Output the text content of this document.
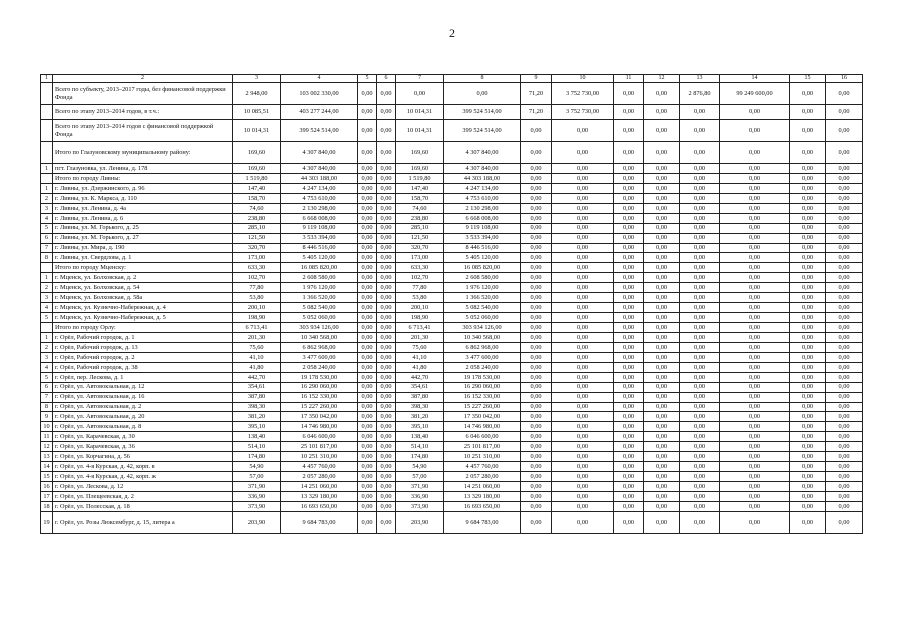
2
1	2	3	4	5	6	7	8	9	10	11	12	13	14	15	16
	Всего по субъекту, 2013–2017 годы, без финансовой поддержки Фонда	2 948,00	103 002 330,00	0,00	0,00	0,00	0,00	71,20	3 752 730,00	0,00	0,00	2 876,80	99 249 600,00	0,00	0,00
	Всего по этапу 2013–2014 годов, в т.ч.:	10 085,51	403 277 244,00	0,00	0,00	10 014,31	399 524 514,00	71,20	3 752 730,00	0,00	0,00	0,00	0,00	0,00	0,00
	Всего по этапу 2013–2014 годов с финансовой поддержкой Фонда	10 014,31	399 524 514,00	0,00	0,00	10 014,31	399 524 514,00	0,00	0,00	0,00	0,00	0,00	0,00	0,00	0,00
	Итого по Глазуновскому муниципальному району:	169,60	4 307 840,00	0,00	0,00	169,60	4 307 840,00	0,00	0,00	0,00	0,00	0,00	0,00	0,00	0,00
1	пгт. Глазуновка, ул. Ленина, д. 178	169,60	4 307 840,00	0,00	0,00	169,60	4 307 840,00	0,00	0,00	0,00	0,00	0,00	0,00	0,00	0,00
	Итого по городу Ливны:	1 519,80	44 303 188,00	0,00	0,00	1 519,80	44 303 188,00	0,00	0,00	0,00	0,00	0,00	0,00	0,00	0,00
1	г. Ливны, ул. Дзержинского, д. 96	147,40	4 247 134,00	0,00	0,00	147,40	4 247 134,00	0,00	0,00	0,00	0,00	0,00	0,00	0,00	0,00
2	г. Ливны, ул. К. Маркса, д. 110	158,70	4 753 610,00	0,00	0,00	158,70	4 753 610,00	0,00	0,00	0,00	0,00	0,00	0,00	0,00	0,00
3	г. Ливны, ул. Ленина, д. 4а	74,60	2 130 298,00	0,00	0,00	74,60	2 130 298,00	0,00	0,00	0,00	0,00	0,00	0,00	0,00	0,00
4	г. Ливны, ул. Ленина, д. 6	238,80	6 668 008,00	0,00	0,00	238,80	6 668 008,00	0,00	0,00	0,00	0,00	0,00	0,00	0,00	0,00
5	г. Ливны, ул. М. Горького, д. 25	285,10	9 119 108,00	0,00	0,00	285,10	9 119 108,00	0,00	0,00	0,00	0,00	0,00	0,00	0,00	0,00
6	г. Ливны, ул. М. Горького, д. 27	121,50	3 533 394,00	0,00	0,00	121,50	3 533 394,00	0,00	0,00	0,00	0,00	0,00	0,00	0,00	0,00
7	г. Ливны, ул. Мира, д. 190	320,70	8 446 516,00	0,00	0,00	320,70	8 446 516,00	0,00	0,00	0,00	0,00	0,00	0,00	0,00	0,00
8	г. Ливны, ул. Свердлова, д. 1	173,00	5 405 120,00	0,00	0,00	173,00	5 405 120,00	0,00	0,00	0,00	0,00	0,00	0,00	0,00	0,00
	Итого по городу Мценску:	633,30	16 085 820,00	0,00	0,00	633,30	16 085 820,00	0,00	0,00	0,00	0,00	0,00	0,00	0,00	0,00
1	г. Мценск, ул. Болховская, д. 2	102,70	2 608 580,00	0,00	0,00	102,70	2 608 580,00	0,00	0,00	0,00	0,00	0,00	0,00	0,00	0,00
2	г. Мценск, ул. Болховская, д. 54	77,80	1 976 120,00	0,00	0,00	77,80	1 976 120,00	0,00	0,00	0,00	0,00	0,00	0,00	0,00	0,00
3	г. Мценск, ул. Болховская, д. 58а	53,80	1 366 520,00	0,00	0,00	53,80	1 366 520,00	0,00	0,00	0,00	0,00	0,00	0,00	0,00	0,00
4	г. Мценск, ул. Кузнечно-Набережная, д. 4	200,10	5 082 540,00	0,00	0,00	200,10	5 082 540,00	0,00	0,00	0,00	0,00	0,00	0,00	0,00	0,00
5	г. Мценск, ул. Кузнечно-Набережная, д. 5	198,90	5 052 060,00	0,00	0,00	198,90	5 052 060,00	0,00	0,00	0,00	0,00	0,00	0,00	0,00	0,00
	Итого по городу Орлу:	6 713,41	303 934 126,00	0,00	0,00	6 713,41	303 934 126,00	0,00	0,00	0,00	0,00	0,00	0,00	0,00	0,00
1	г. Орёл, Рабочий городок, д. 1	201,30	10 340 568,00	0,00	0,00	201,30	10 340 568,00	0,00	0,00	0,00	0,00	0,00	0,00	0,00	0,00
2	г. Орёл, Рабочий городок, д. 13	75,60	6 862 968,00	0,00	0,00	75,60	6 862 968,00	0,00	0,00	0,00	0,00	0,00	0,00	0,00	0,00
3	г. Орёл, Рабочий городок, д. 2	41,10	3 477 600,00	0,00	0,00	41,10	3 477 600,00	0,00	0,00	0,00	0,00	0,00	0,00	0,00	0,00
4	г. Орёл, Рабочий городок, д. 38	41,80	2 058 240,00	0,00	0,00	41,80	2 058 240,00	0,00	0,00	0,00	0,00	0,00	0,00	0,00	0,00
5	г. Орёл, пер. Лескова, д. 1	442,70	19 178 530,00	0,00	0,00	442,70	19 178 530,00	0,00	0,00	0,00	0,00	0,00	0,00	0,00	0,00
6	г. Орёл, ул. Автовокзальная, д. 12	354,61	16 290 060,00	0,00	0,00	354,61	16 290 060,00	0,00	0,00	0,00	0,00	0,00	0,00	0,00	0,00
7	г. Орёл, ул. Автовокзальная, д. 16	387,80	16 152 330,00	0,00	0,00	387,80	16 152 330,00	0,00	0,00	0,00	0,00	0,00	0,00	0,00	0,00
8	г. Орёл, ул. Автовокзальная, д. 2	398,30	15 227 260,00	0,00	0,00	398,30	15 227 260,00	0,00	0,00	0,00	0,00	0,00	0,00	0,00	0,00
9	г. Орёл, ул. Автовокзальная, д. 20	381,20	17 350 042,00	0,00	0,00	381,20	17 350 042,00	0,00	0,00	0,00	0,00	0,00	0,00	0,00	0,00
10	г. Орёл, ул. Автовокзальная, д. 8	395,10	14 746 980,00	0,00	0,00	395,10	14 746 980,00	0,00	0,00	0,00	0,00	0,00	0,00	0,00	0,00
11	г. Орёл, ул. Карачевская, д. 30	138,40	6 046 600,00	0,00	0,00	138,40	6 046 600,00	0,00	0,00	0,00	0,00	0,00	0,00	0,00	0,00
12	г. Орёл, ул. Карачевская, д. 36	514,10	25 101 817,00	0,00	0,00	514,10	25 101 817,00	0,00	0,00	0,00	0,00	0,00	0,00	0,00	0,00
13	г. Орёл, ул. Корчагина, д. 56	174,80	10 251 310,00	0,00	0,00	174,80	10 251 310,00	0,00	0,00	0,00	0,00	0,00	0,00	0,00	0,00
14	г. Орёл, ул. 4-я Курская, д. 42, корп. в	54,90	4 457 760,00	0,00	0,00	54,90	4 457 760,00	0,00	0,00	0,00	0,00	0,00	0,00	0,00	0,00
15	г. Орёл, ул. 4-я Курская, д. 42, корп. ж	57,00	2 057 280,00	0,00	0,00	57,00	2 057 280,00	0,00	0,00	0,00	0,00	0,00	0,00	0,00	0,00
16	г. Орёл, ул. Лескова, д. 12	371,90	14 251 060,00	0,00	0,00	371,90	14 251 060,00	0,00	0,00	0,00	0,00	0,00	0,00	0,00	0,00
17	г. Орёл, ул. Плещеевская, д. 2	336,90	13 329 180,00	0,00	0,00	336,90	13 329 180,00	0,00	0,00	0,00	0,00	0,00	0,00	0,00	0,00
18	г. Орёл, ул. Полесская, д. 18	373,90	16 693 650,00	0,00	0,00	373,90	16 693 650,00	0,00	0,00	0,00	0,00	0,00	0,00	0,00	0,00
19	г. Орёл, ул. Розы Люксембург, д. 15, литера а	203,90	9 684 783,00	0,00	0,00	203,90	9 684 783,00	0,00	0,00	0,00	0,00	0,00	0,00	0,00	0,00
